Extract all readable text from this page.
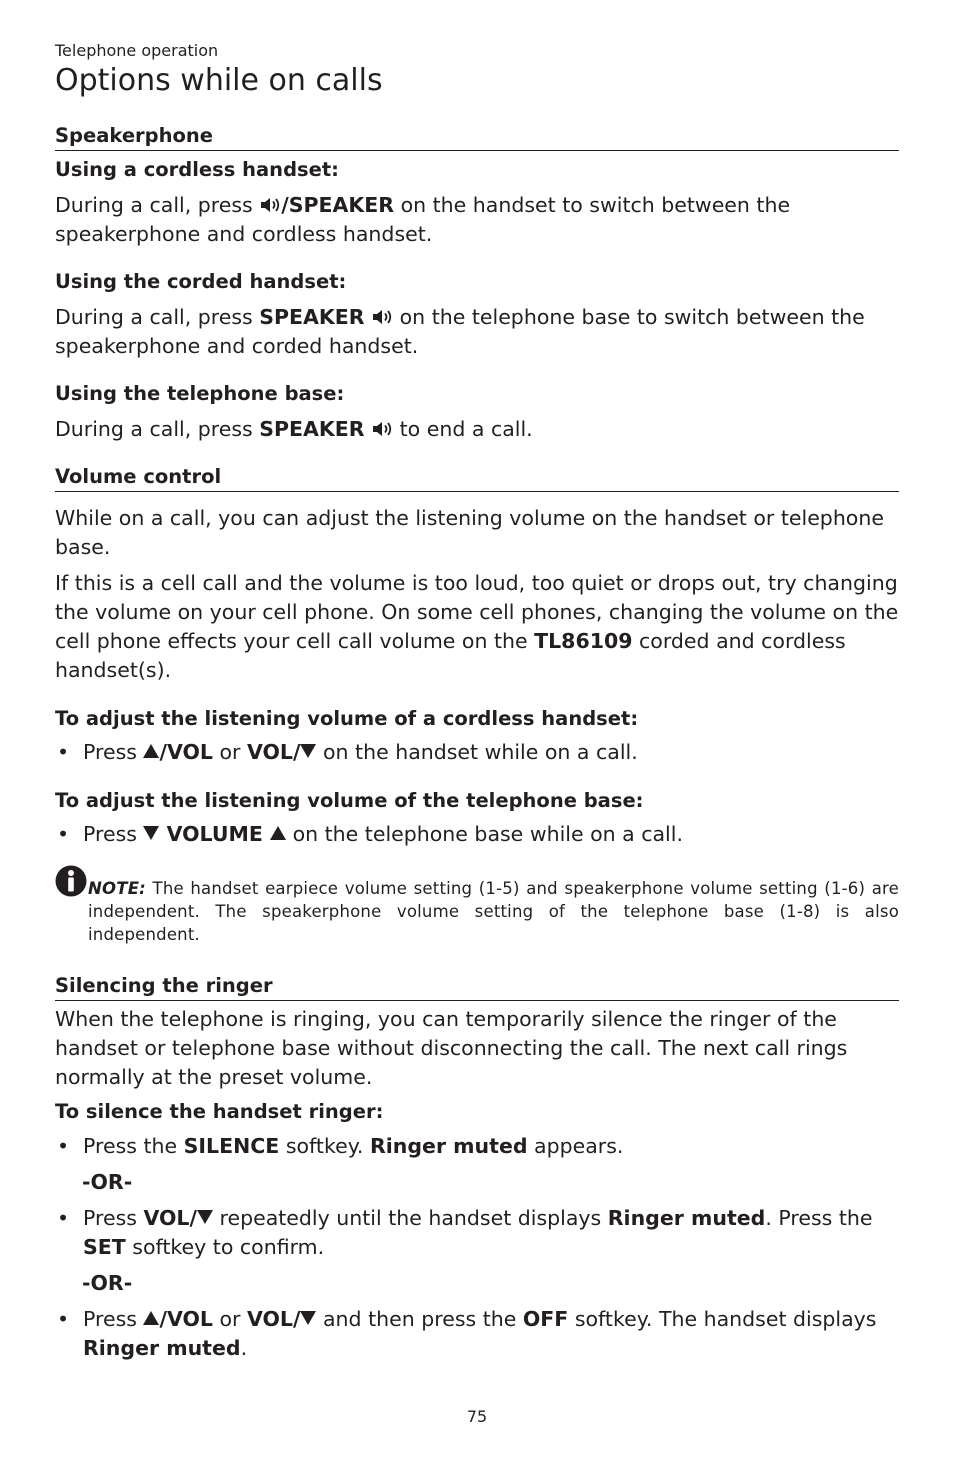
Telephone operation

Options while on calls
Speakerphone

Using a cordless handset:

During a call, press /SPEAKER on the handset to switch between the speakerphone and cordless handset.

Using the corded handset:

During a call, press SPEAKER  on the telephone base to switch between the speakerphone and corded handset.

Using the telephone base:

During a call, press SPEAKER  to end a call.

Volume control

While on a call, you can adjust the listening volume on the handset or telephone base.

If this is a cell call and the volume is too loud, too quiet or drops out, try changing the volume on your cell phone. On some cell phones, changing the volume on the cell phone effects your cell call volume on the TL86109 corded and cordless handset(s).

To adjust the listening volume of a cordless handset:

• Press /VOL or VOL/ on the handset while on a call.

To adjust the listening volume of the telephone base:

• Press  VOLUME  on the telephone base while on a call.

NOTE: The handset earpiece volume setting (1-5) and speakerphone volume setting (1-6) are independent. The speakerphone volume setting of the telephone base (1-8) is also independent.

Silencing the ringer

When the telephone is ringing, you can temporarily silence the ringer of the handset or telephone base without disconnecting the call. The next call rings normally at the preset volume.

To silence the handset ringer:

• Press the SILENCE softkey. Ringer muted appears.

-OR-

• Press VOL/ repeatedly until the handset displays Ringer muted. Press the SET softkey to confirm.

-OR-

• Press /VOL or VOL/ and then press the OFF softkey. The handset displays Ringer muted.

75
